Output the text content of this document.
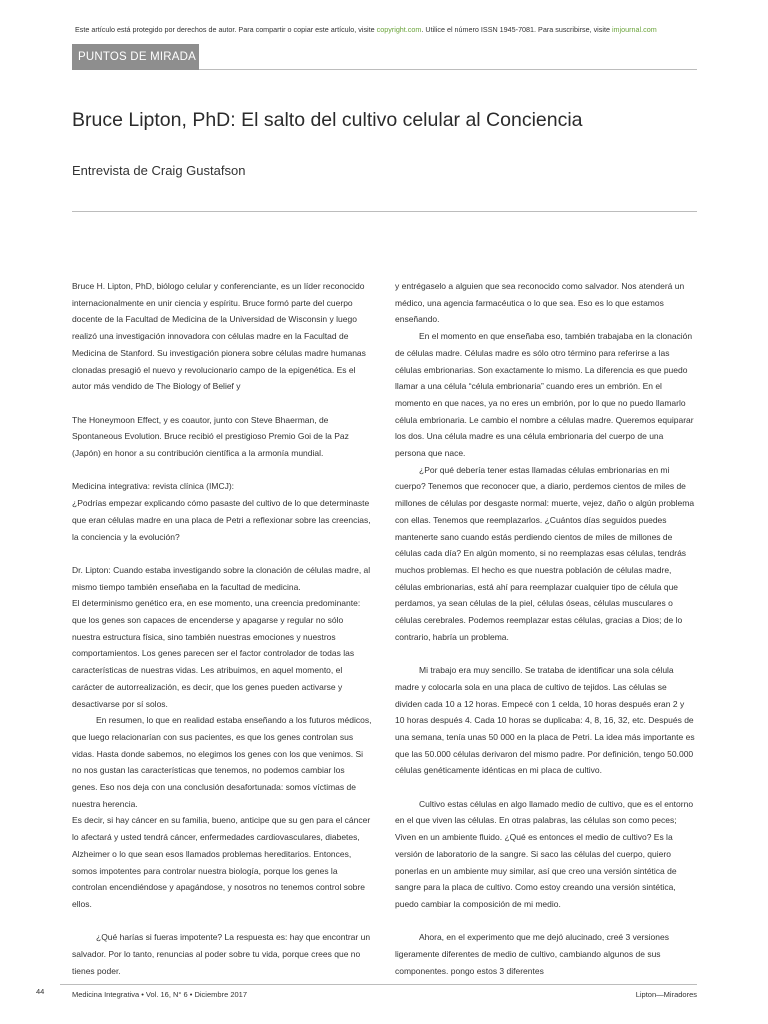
Este artículo está protegido por derechos de autor. Para compartir o copiar este artículo, visite copyright.com. Utilice el número ISSN 1945-7081. Para suscribirse, visite imjournal.com
PUNTOS DE MIRADA
Bruce Lipton, PhD: El salto del cultivo celular al Conciencia
Entrevista de Craig Gustafson

Bruce H. Lipton, PhD, biólogo celular y conferenciante, es un líder reconocido internacionalmente en unir ciencia y espíritu. Bruce formó parte del cuerpo docente de la Facultad de Medicina de la Universidad de Wisconsin y luego realizó una investigación innovadora con células madre en la Facultad de Medicina de Stanford. Su investigación pionera sobre células madre humanas clonadas presagió el nuevo y revolucionario campo de la epigenética. Es el autor más vendido de The Biology of Belief y

The Honeymoon Effect, y es coautor, junto con Steve Bhaerman, de Spontaneous Evolution. Bruce recibió el prestigioso Premio Goi de la Paz (Japón) en honor a su contribución científica a la armonía mundial.

Medicina integrativa: revista clínica (IMCJ):

¿Podrías empezar explicando cómo pasaste del cultivo de lo que determinaste que eran células madre en una placa de Petri a reflexionar sobre las creencias, la conciencia y la evolución?

Dr. Lipton: Cuando estaba investigando sobre la clonación de células madre, al mismo tiempo también enseñaba en la facultad de medicina.

El determinismo genético era, en ese momento, una creencia predominante: que los genes son capaces de encenderse y apagarse y regular no sólo nuestra estructura física, sino también nuestras emociones y nuestros comportamientos. Los genes parecen ser el factor controlador de todas las características de nuestras vidas. Les atribuimos, en aquel momento, el carácter de autorrealización, es decir, que los genes pueden activarse y desactivarse por sí solos.

En resumen, lo que en realidad estaba enseñando a los futuros médicos, que luego relacionarían con sus pacientes, es que los genes controlan sus vidas. Hasta donde sabemos, no elegimos los genes con los que venimos. Si no nos gustan las características que tenemos, no podemos cambiar los genes. Eso nos deja con una conclusión desafortunada: somos víctimas de nuestra herencia.

Es decir, si hay cáncer en su familia, bueno, anticipe que su gen para el cáncer lo afectará y usted tendrá cáncer, enfermedades cardiovasculares, diabetes, Alzheimer o lo que sean esos llamados problemas hereditarios. Entonces, somos impotentes para controlar nuestra biología, porque los genes la controlan encendiéndose y apagándose, y nosotros no tenemos control sobre ellos.

¿Qué harías si fueras impotente? La respuesta es: hay que encontrar un salvador. Por lo tanto, renuncias al poder sobre tu vida, porque crees que no tienes poder.

y entrégaselo a alguien que sea reconocido como salvador. Nos atenderá un médico, una agencia farmacéutica o lo que sea. Eso es lo que estamos enseñando.

En el momento en que enseñaba eso, también trabajaba en la clonación de células madre. Células madre es sólo otro término para referirse a las células embrionarias. Son exactamente lo mismo. La diferencia es que puedo llamar a una célula “célula embrionaria” cuando eres un embrión. En el momento en que naces, ya no eres un embrión, por lo que no puedo llamarlo célula embrionaria. Le cambio el nombre a células madre. Queremos equiparar los dos. Una célula madre es una célula embrionaria del cuerpo de una persona que nace.

¿Por qué debería tener estas llamadas células embrionarias en mi cuerpo? Tenemos que reconocer que, a diario, perdemos cientos de miles de millones de células por desgaste normal: muerte, vejez, daño o algún problema con ellas. Tenemos que reemplazarlos. ¿Cuántos días seguidos puedes mantenerte sano cuando estás perdiendo cientos de miles de millones de células cada día? En algún momento, si no reemplazas esas células, tendrás muchos problemas. El hecho es que nuestra población de células madre, células embrionarias, está ahí para reemplazar cualquier tipo de célula que perdamos, ya sean células de la piel, células óseas, células musculares o células cerebrales. Podemos reemplazar estas células, gracias a Dios; de lo contrario, habría un problema.

Mi trabajo era muy sencillo. Se trataba de identificar una sola célula madre y colocarla sola en una placa de cultivo de tejidos. Las células se dividen cada 10 a 12 horas. Empecé con 1 celda, 10 horas después eran 2 y 10 horas después 4. Cada 10 horas se duplicaba: 4, 8, 16, 32, etc. Después de una semana, tenía unas 50 000 en la placa de Petri. La idea más importante es que las 50.000 células derivaron del mismo padre. Por definición, tengo 50.000 células genéticamente idénticas en mi placa de cultivo.

Cultivo estas células en algo llamado medio de cultivo, que es el entorno en el que viven las células. En otras palabras, las células son como peces; Viven en un ambiente fluido. ¿Qué es entonces el medio de cultivo? Es la versión de laboratorio de la sangre. Si saco las células del cuerpo, quiero ponerlas en un ambiente muy similar, así que creo una versión sintética de sangre para la placa de cultivo. Como estoy creando una versión sintética, puedo cambiar la composición de mi medio.

Ahora, en el experimento que me dejó alucinado, creé 3 versiones ligeramente diferentes de medio de cultivo, cambiando algunos de sus componentes. pongo estos 3 diferentes

44	Medicina Integrativa • Vol. 16, N° 6 • Diciembre 2017	Lipton—Miradores
